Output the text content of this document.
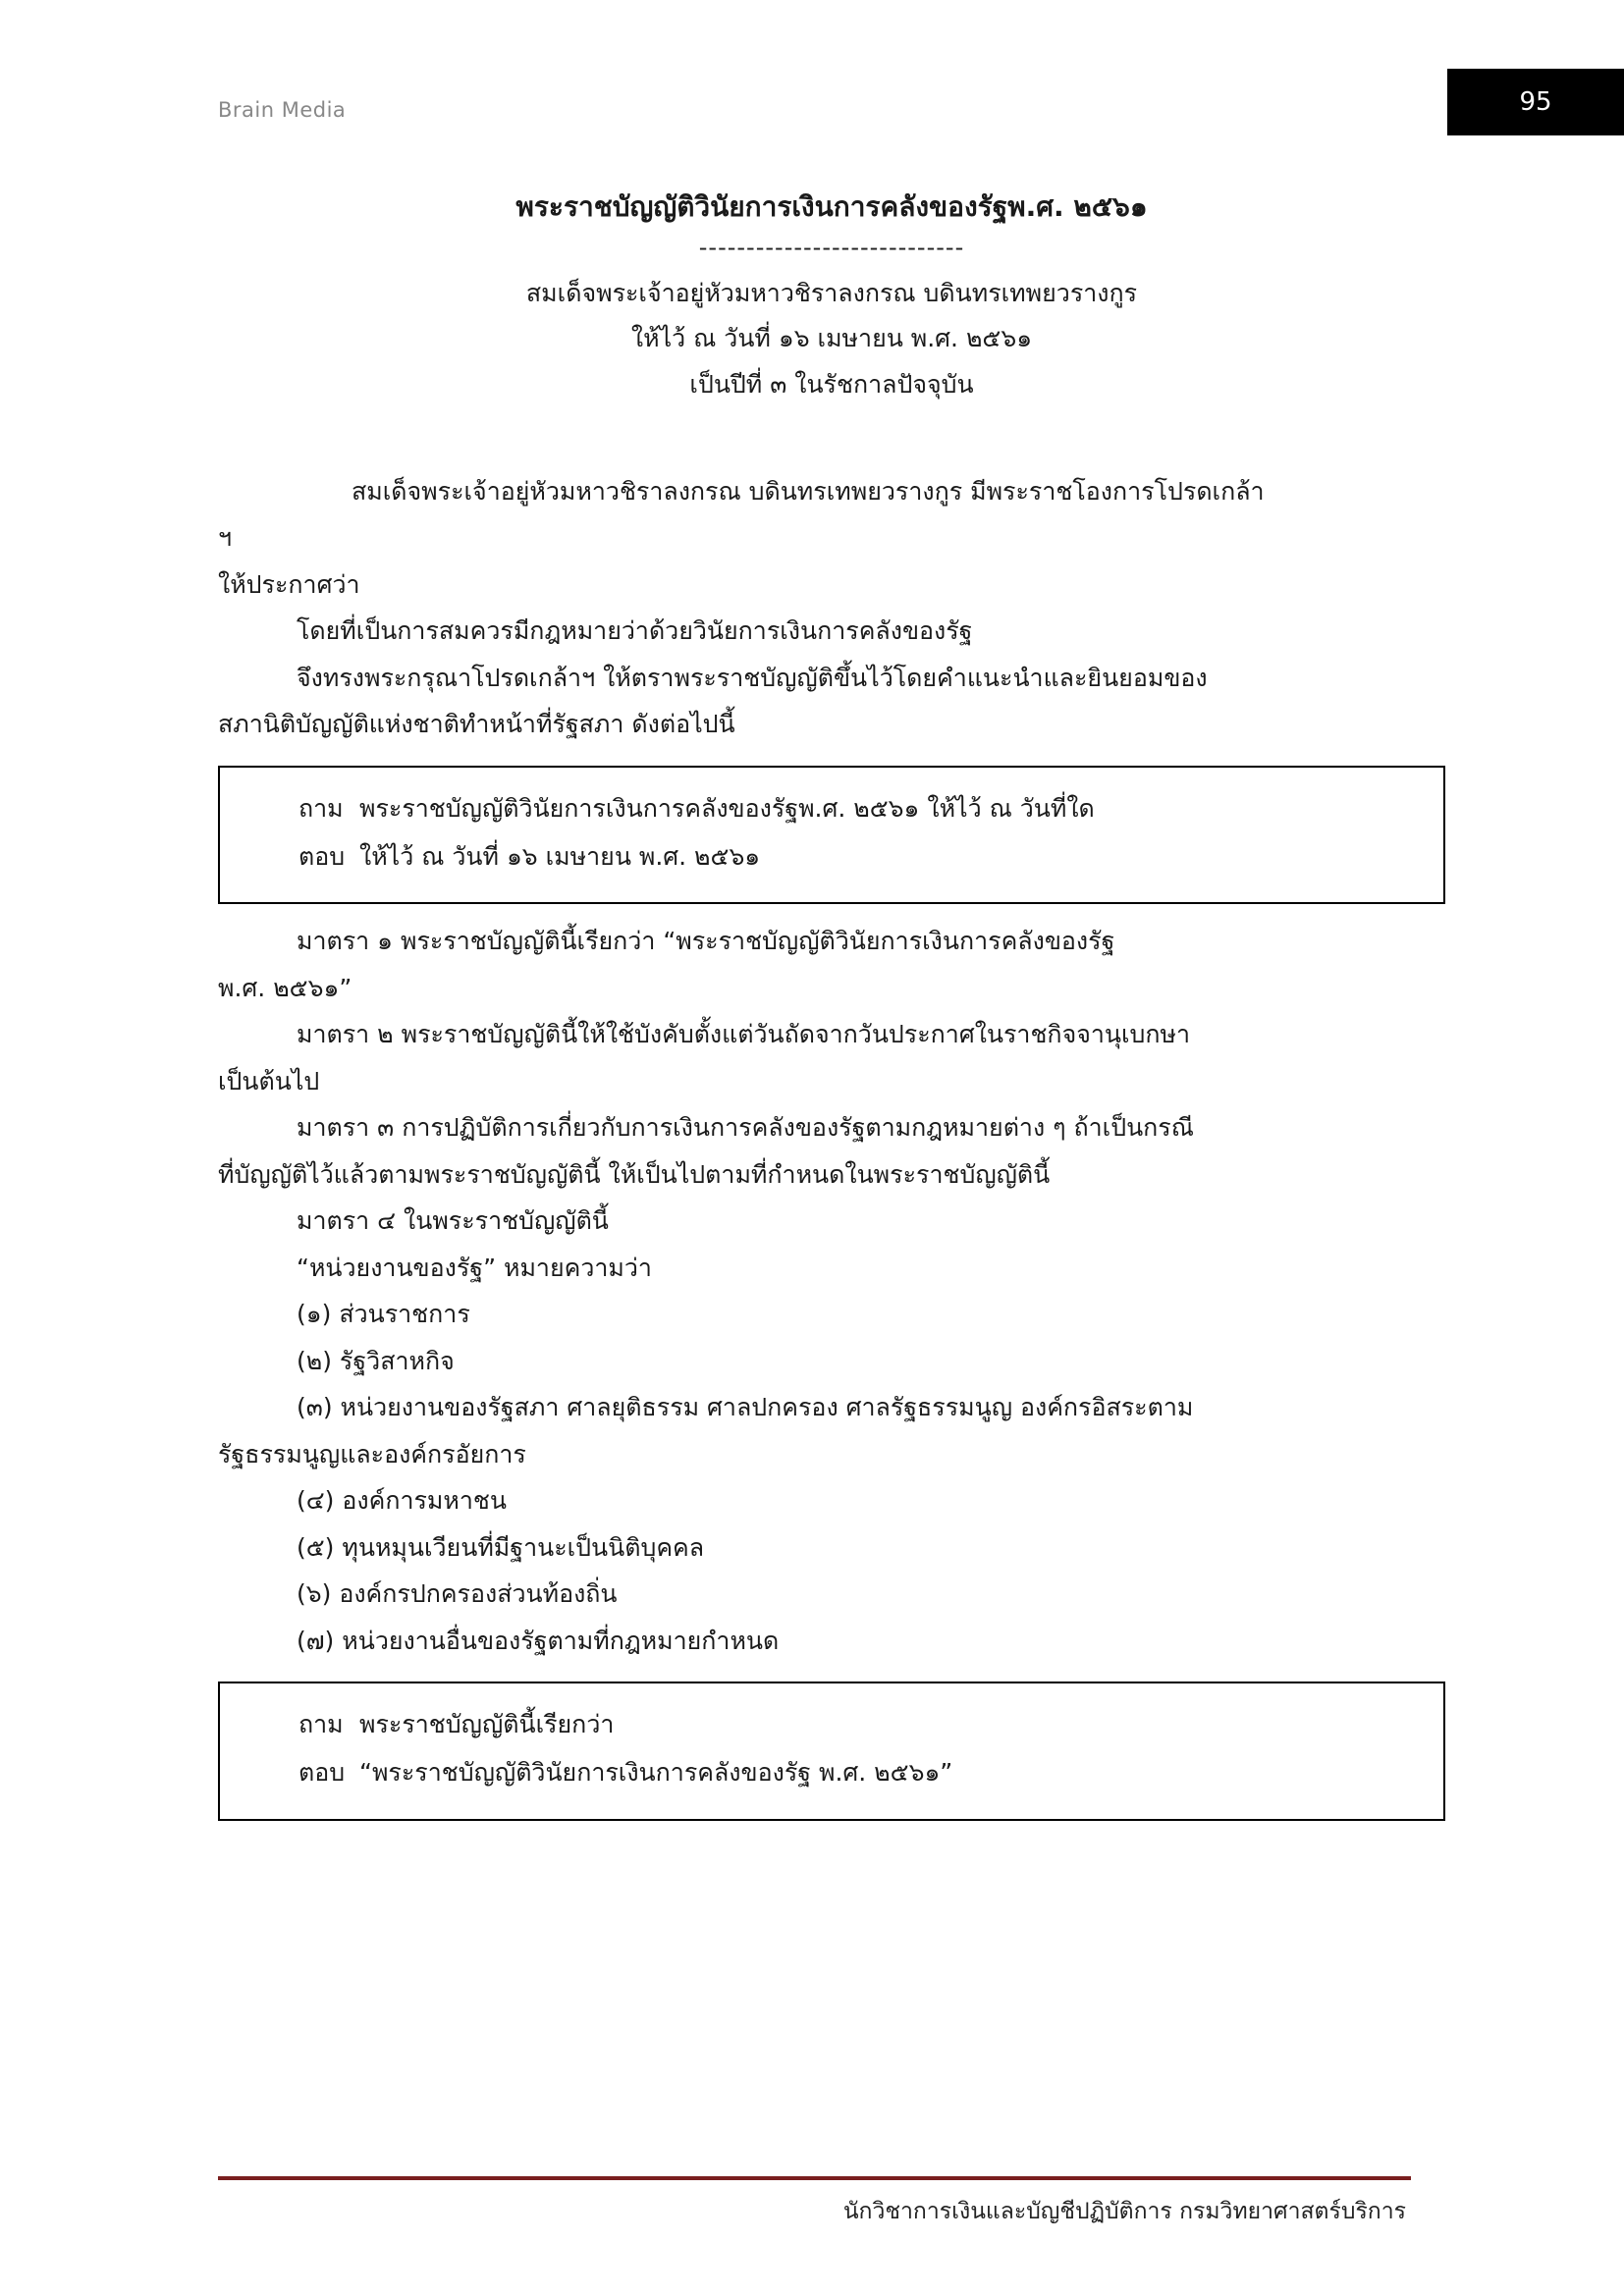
Brain Media	95
พระราชบัญญัติวินัยการเงินการคลังของรัฐพ.ศ. ๒๕๖๑
----------------------------
สมเด็จพระเจ้าอยู่หัวมหาวชิราลงกรณ บดินทรเทพยวรางกูร
ให้ไว้ ณ วันที่ ๑๖ เมษายน พ.ศ. ๒๕๖๑
เป็นปีที่ ๓ ในรัชกาลปัจจุบัน

สมเด็จพระเจ้าอยู่หัวมหาวชิราลงกรณ บดินทรเทพยวรางกูร มีพระราชโองการโปรดเกล้า

ฯ

ให้ประกาศว่า

โดยที่เป็นการสมควรมีกฎหมายว่าด้วยวินัยการเงินการคลังของรัฐ

จึงทรงพระกรุณาโปรดเกล้าฯ ให้ตราพระราชบัญญัติขึ้นไว้โดยคำแนะนำและยินยอมของ

สภานิติบัญญัติแห่งชาติทำหน้าที่รัฐสภา ดังต่อไปนี้

ถาม พระราชบัญญัติวินัยการเงินการคลังของรัฐพ.ศ. ๒๕๖๑ ให้ไว้ ณ วันที่ใด
ตอบ ให้ไว้ ณ วันที่ ๑๖ เมษายน พ.ศ. ๒๕๖๑

มาตรา ๑ พระราชบัญญัตินี้เรียกว่า “พระราชบัญญัติวินัยการเงินการคลังของรัฐ

พ.ศ. ๒๕๖๑”

มาตรา ๒ พระราชบัญญัตินี้ให้ใช้บังคับตั้งแต่วันถัดจากวันประกาศในราชกิจจานุเบกษา

เป็นต้นไป

มาตรา ๓ การปฏิบัติการเกี่ยวกับการเงินการคลังของรัฐตามกฎหมายต่าง ๆ ถ้าเป็นกรณี

ที่บัญญัติไว้แล้วตามพระราชบัญญัตินี้ ให้เป็นไปตามที่กำหนดในพระราชบัญญัตินี้

มาตรา ๔ ในพระราชบัญญัตินี้

“หน่วยงานของรัฐ” หมายความว่า

(๑) ส่วนราชการ

(๒) รัฐวิสาหกิจ

(๓) หน่วยงานของรัฐสภา ศาลยุติธรรม ศาลปกครอง ศาลรัฐธรรมนูญ องค์กรอิสระตาม

รัฐธรรมนูญและองค์กรอัยการ

(๔) องค์การมหาชน

(๕) ทุนหมุนเวียนที่มีฐานะเป็นนิติบุคคล

(๖) องค์กรปกครองส่วนท้องถิ่น

(๗) หน่วยงานอื่นของรัฐตามที่กฎหมายกำหนด

ถาม พระราชบัญญัตินี้เรียกว่า
ตอบ “พระราชบัญญัติวินัยการเงินการคลังของรัฐ พ.ศ. ๒๕๖๑”
นักวิชาการเงินและบัญชีปฏิบัติการ กรมวิทยาศาสตร์บริการ
